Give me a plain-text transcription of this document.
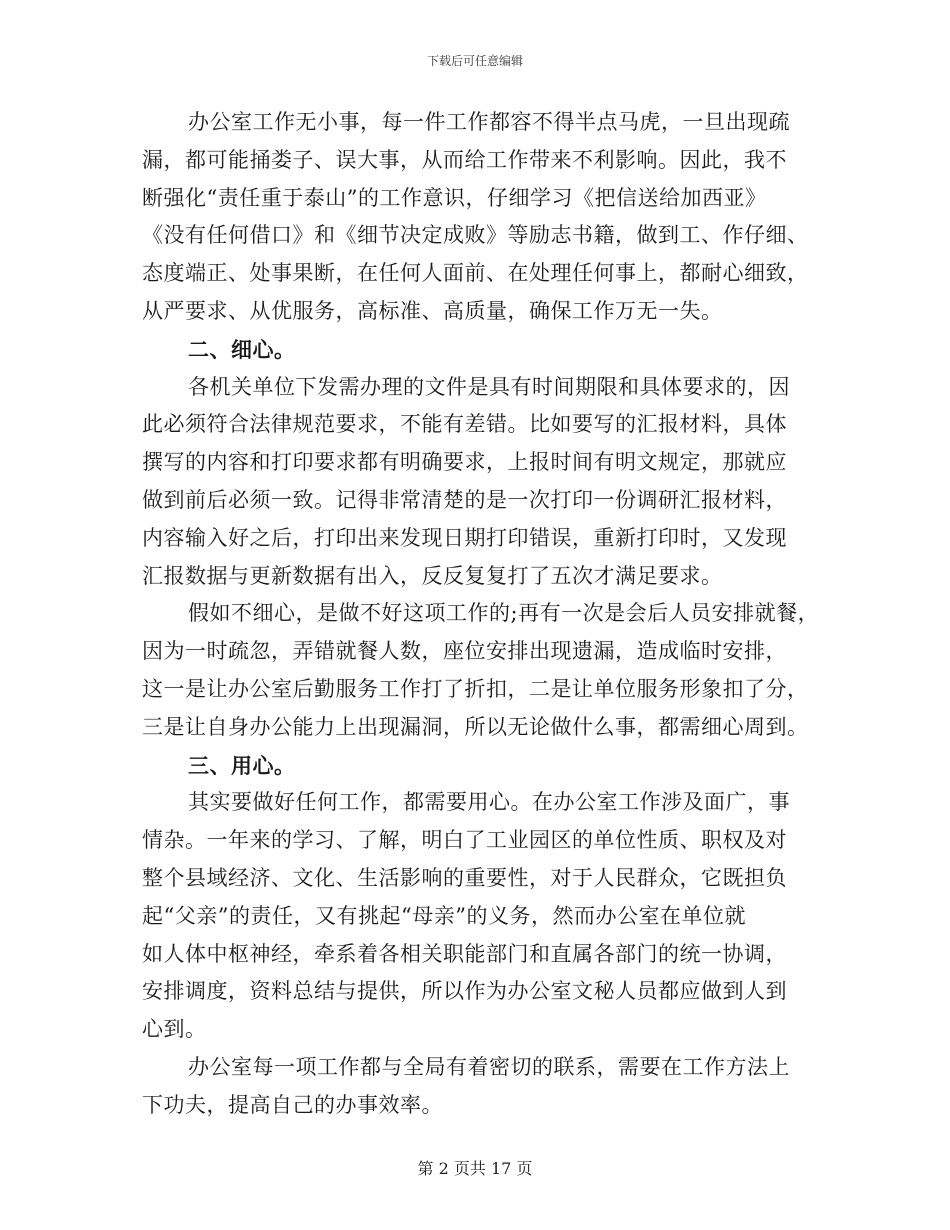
下载后可任意编辑
办公室工作无小事，每一件工作都容不得半点马虎，一旦出现疏
漏，都可能捅娄子、误大事，从而给工作带来不利影响。因此，我不
断强化“责任重于泰山”的工作意识，仔细学习《把信送给加西亚》
《没有任何借口》和《细节决定成败》等励志书籍，做到工、作仔细、
态度端正、处事果断，在任何人面前、在处理任何事上，都耐心细致，
从严要求、从优服务，高标准、高质量，确保工作万无一失。
二、细心。
各机关单位下发需办理的文件是具有时间期限和具体要求的，因
此必须符合法律规范要求，不能有差错。比如要写的汇报材料，具体
撰写的内容和打印要求都有明确要求，上报时间有明文规定，那就应
做到前后必须一致。记得非常清楚的是一次打印一份调研汇报材料，
内容输入好之后，打印出来发现日期打印错误，重新打印时，又发现
汇报数据与更新数据有出入，反反复复打了五次才满足要求。
假如不细心，是做不好这项工作的;再有一次是会后人员安排就餐，
因为一时疏忽，弄错就餐人数，座位安排出现遗漏，造成临时安排，
这一是让办公室后勤服务工作打了折扣，二是让单位服务形象扣了分，
三是让自身办公能力上出现漏洞，所以无论做什么事，都需细心周到。
三、用心。
其实要做好任何工作，都需要用心。在办公室工作涉及面广，事
情杂。一年来的学习、了解，明白了工业园区的单位性质、职权及对
整个县域经济、文化、生活影响的重要性，对于人民群众，它既担负
起“父亲”的责任，又有挑起“母亲”的义务，然而办公室在单位就
如人体中枢神经，牵系着各相关职能部门和直属各部门的统一协调，
安排调度，资料总结与提供，所以作为办公室文秘人员都应做到人到
心到。
办公室每一项工作都与全局有着密切的联系，需要在工作方法上
下功夫，提高自己的办事效率。
第 2 页共 17 页
